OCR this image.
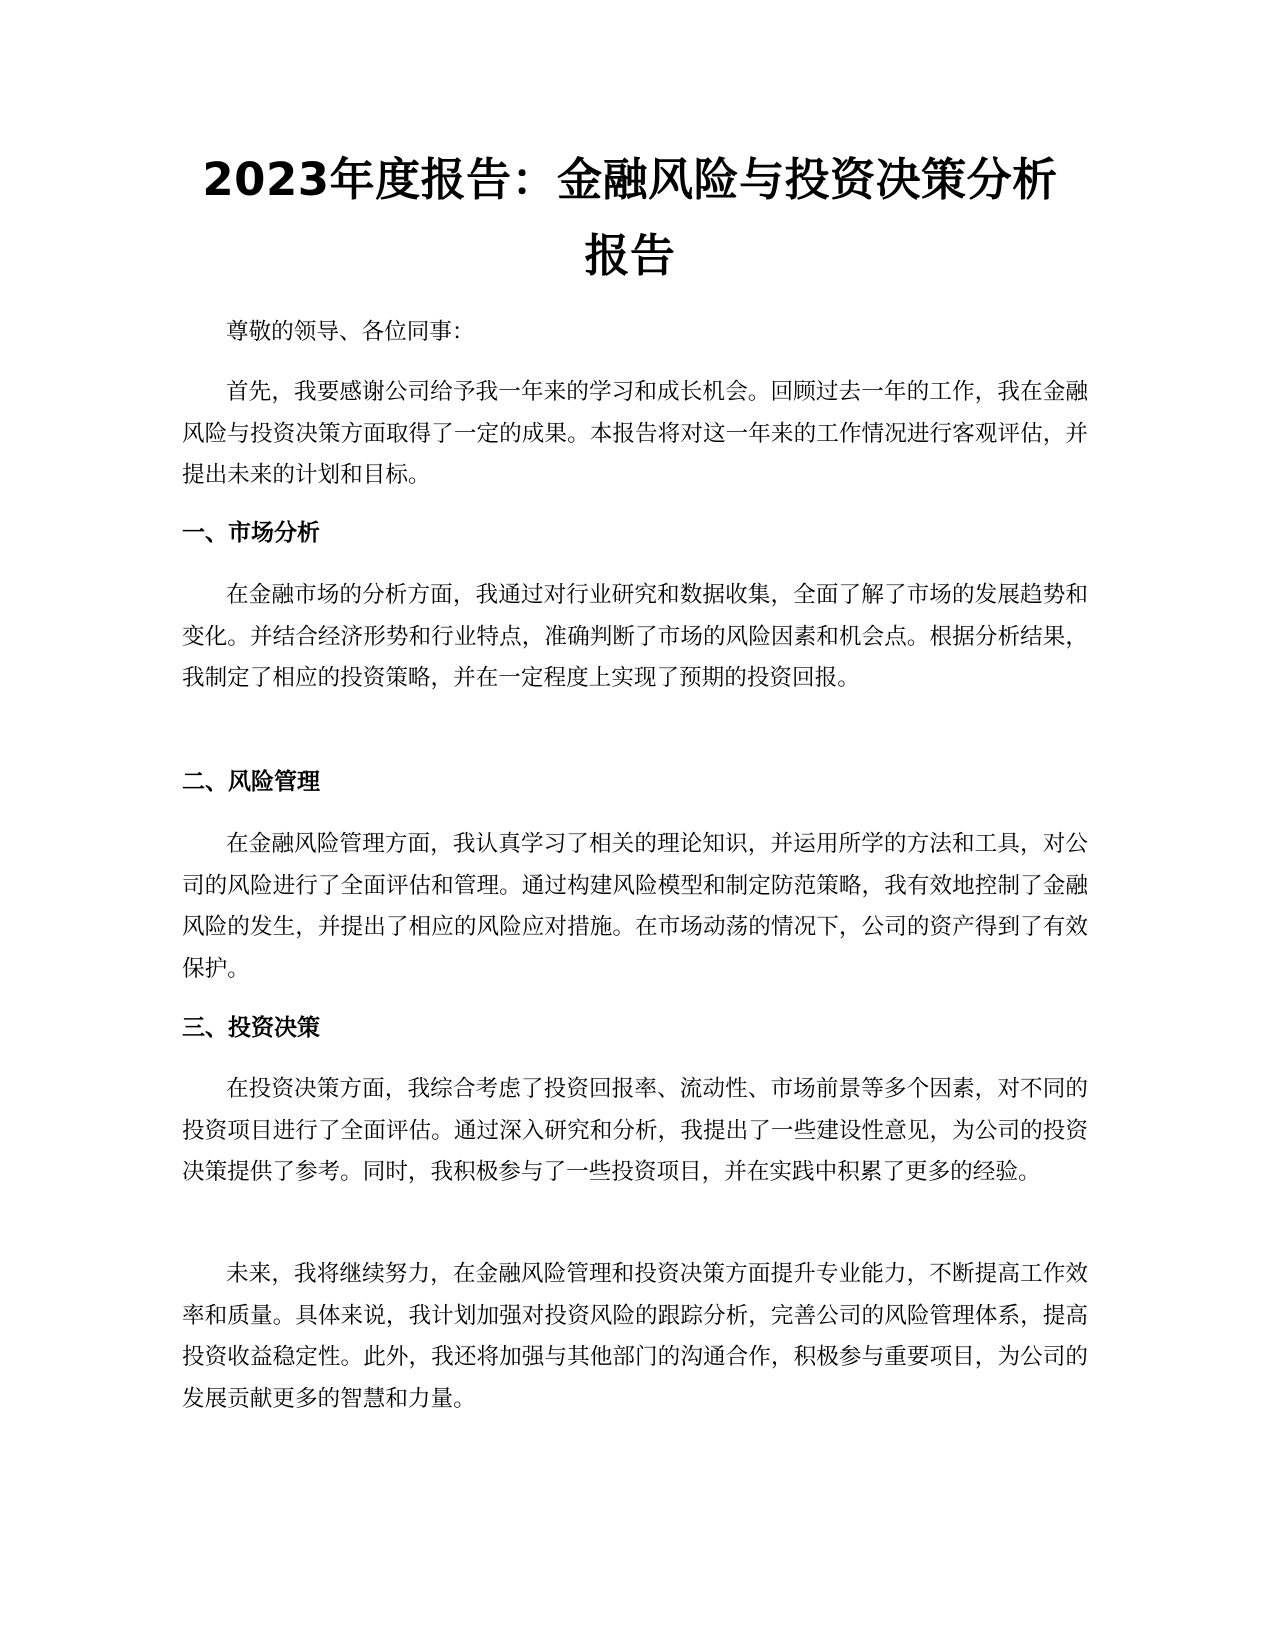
2023年度报告：金融风险与投资决策分析报告

尊敬的领导、各位同事：

首先，我要感谢公司给予我一年来的学习和成长机会。回顾过去一年的工作，我在金融风险与投资决策方面取得了一定的成果。本报告将对这一年来的工作情况进行客观评估，并提出未来的计划和目标。

一、市场分析

在金融市场的分析方面，我通过对行业研究和数据收集，全面了解了市场的发展趋势和变化。并结合经济形势和行业特点，准确判断了市场的风险因素和机会点。根据分析结果，我制定了相应的投资策略，并在一定程度上实现了预期的投资回报。

二、风险管理

在金融风险管理方面，我认真学习了相关的理论知识，并运用所学的方法和工具，对公司的风险进行了全面评估和管理。通过构建风险模型和制定防范策略，我有效地控制了金融风险的发生，并提出了相应的风险应对措施。在市场动荡的情况下，公司的资产得到了有效保护。

三、投资决策

在投资决策方面，我综合考虑了投资回报率、流动性、市场前景等多个因素，对不同的投资项目进行了全面评估。通过深入研究和分析，我提出了一些建设性意见，为公司的投资决策提供了参考。同时，我积极参与了一些投资项目，并在实践中积累了更多的经验。

未来，我将继续努力，在金融风险管理和投资决策方面提升专业能力，不断提高工作效率和质量。具体来说，我计划加强对投资风险的跟踪分析，完善公司的风险管理体系，提高投资收益稳定性。此外，我还将加强与其他部门的沟通合作，积极参与重要项目，为公司的发展贡献更多的智慧和力量。
